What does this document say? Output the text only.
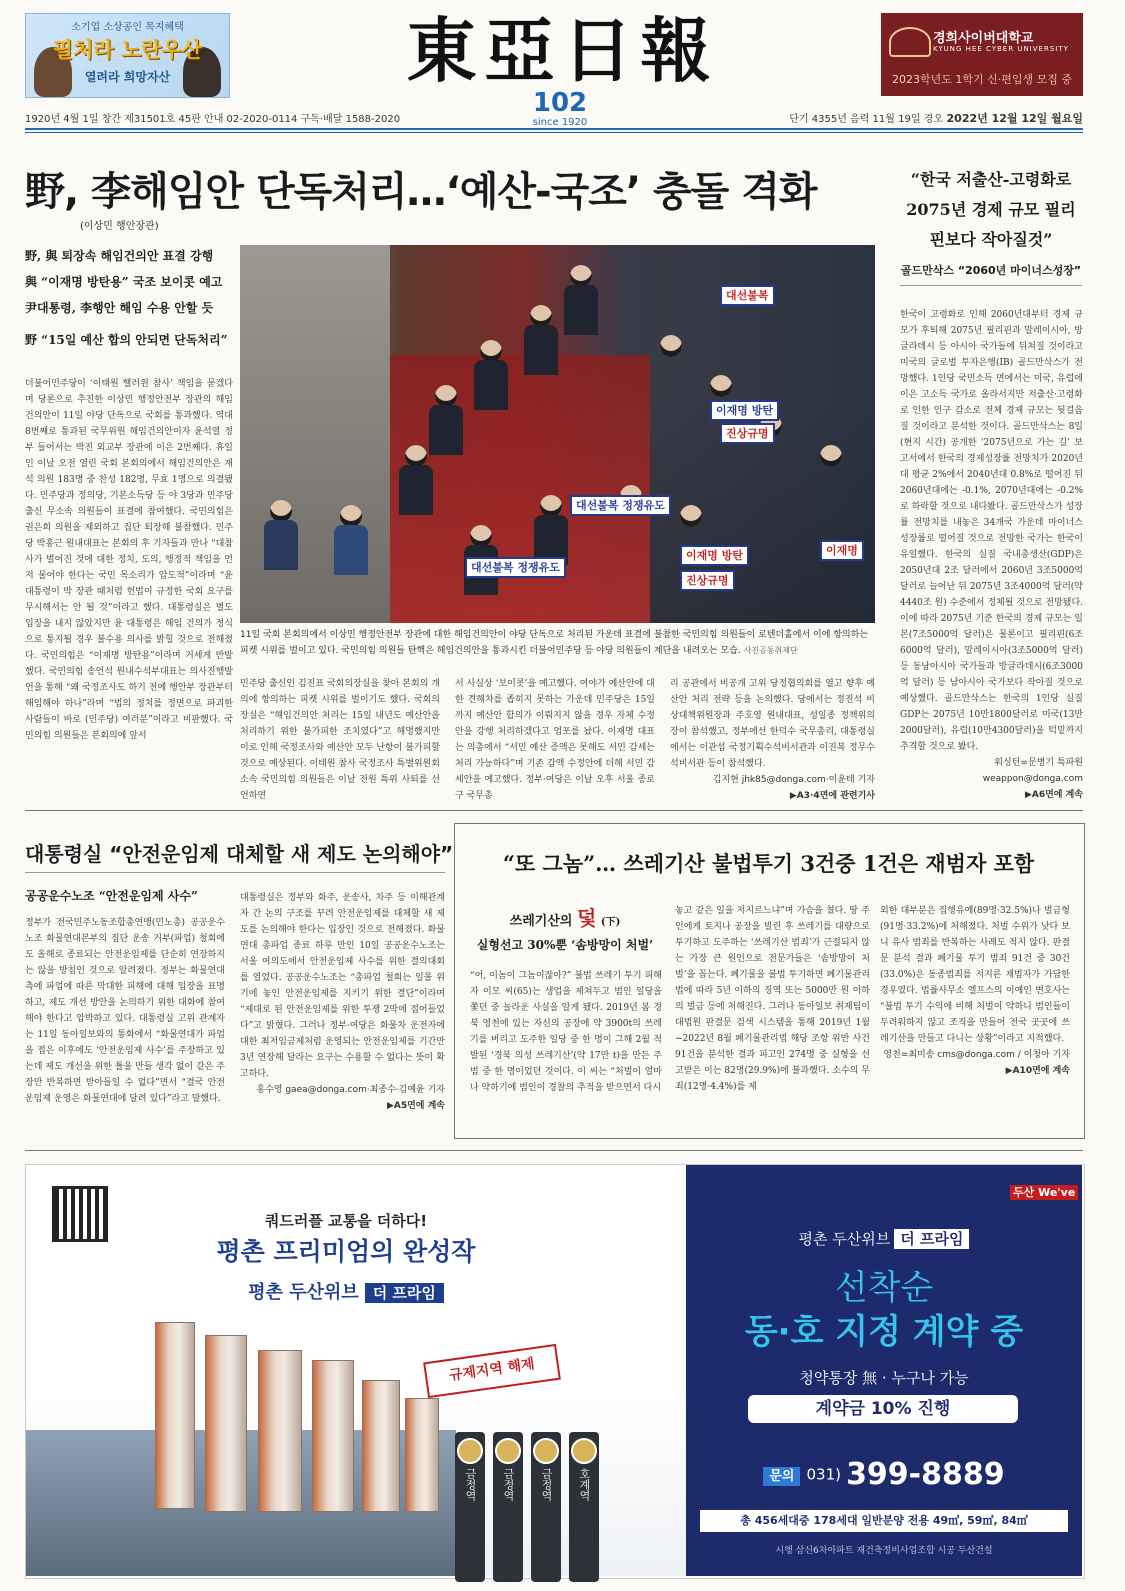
소기업 소상공인 목지혜택
필처라 노란우산
열려라 희망자산	東亞日報
102
since 1920
경희사이버대학교
KYUNG HEE CYBER UNIVERSITY
2023학년도 1학기 신·편입생 모집 중
1920년 4월 1일 창간 제31501호 45판 안내 02-2020-0114 구독·배달 1588-2020	단기 4355년 음력 11월 19일 경오 2022년 12월 12일 월요일
野, 李해임안 단독처리…‘예산-국조’ 충돌 격화
(이상민 행안장관)
野, 與 퇴장속 해임건의안 표결 강행
與 “이재명 방탄용” 국조 보이콧 예고
尹대통령, 李행안 해임 수용 안할 듯
野 “15일 예산 합의 안되면 단독처리”
대선불복
이재명 방탄
진상규명
대선불복 정쟁유도
이재명 방탄
진상규명
대선불복 정쟁유도
이재명
11일 국회 본회의에서 이상민 행정안전부 장관에 대한 해임건의안이 야당 단독으로 처리된 가운데 표결에 불참한 국민의힘 의원들이 로텐더홀에서 이에 항의하는 피켓 시위를 벌이고 있다. 국민의힘 의원들 탄핵은 해임건의안을 통과시킨 더불어민주당 등 야당 의원들이 계단을 내려오는 모습. 사진공동취재단
더불어민주당이 ‘이태원 핼러윈 참사’ 책임을 묻겠다며 당론으로 추진한 이상민 행정안전부 장관의 해임건의안이 11일 야당 단독으로 국회를 통과했다. 역대 8번째로 통과된 국무위원 해임건의안이자 윤석열 정부 들어서는 박진 외교부 장관에 이은 2번째다. 휴일인 이날 오전 열린 국회 본회의에서 해임건의안은 재석 의원 183명 중 찬성 182명, 무효 1명으로 의결됐다. 민주당과 정의당, 기본소득당 등 야 3당과 민주당 출신 무소속 의원들이 표결에 참여했다. 국민의힘은 권은희 의원을 제외하고 집단 퇴장해 불참했다. 민주당 박홍근 원내대표는 본회의 후 기자들과 만나 “대참사가 벌어진 것에 대한 정치, 도의, 행정적 책임을 먼저 물어야 한다는 국민 목소리가 압도적”이라며 “윤 대통령이 박 장관 때처럼 헌법이 규정한 국회 요구를 무시해서는 안 될 것”이라고 했다. 대통령실은 별도 입장을 내지 않았지만 윤 대통령은 해임 건의가 정식으로 통지될 경우 불수용 의사를 밝힐 것으로 전해졌다. 국민의힘은 “이재명 방탄용”이라며 거세게 반발했다. 국민의힘 송언석 원내수석부대표는 의사진행발언을 통해 “왜 국정조사도 하기 전에 행안부 장관부터 해임해야 하나”라며 “법의 정치를 정면으로 파괴한 사람들이 바로 (민주당) 여러분”이라고 비판했다. 국민의힘 의원들은 본회의에 앞서
민주당 출신인 김진표 국회의장실을 찾아 본회의 개의에 항의하는 피켓 시위를 벌이기도 했다. 국회의장실은 “해임건의안 처리는 15일 내년도 예산안을 처리하기 위한 불가피한 조치였다”고 해명했지만 이로 인해 국정조사와 예산안 모두 난항이 불가피할 것으로 예상된다. 이태원 참사 국정조사 특별위원회 소속 국민의힘 의원들은 이날 전원 특위 사퇴를 선언하면
서 사실상 ‘보이콧’을 예고했다. 여야가 예산안에 대한 견해차를 좁히지 못하는 가운데 민주당은 15일까지 예산안 합의가 이뤄지지 않을 경우 자체 수정안을 강행 처리하겠다고 엄포를 놨다. 이재명 대표는 의총에서 “서민 예산 증액은 못해도 서민 감세는 처리 가능하다”며 기존 감액 수정안에 더해 서민 감세안을 예고했다. 정부·여당은 이날 오후 서울 종로구 국무총
리 공관에서 비공개 고위 당정협의회를 열고 향후 예산안 처리 전략 등을 논의했다. 당에서는 정진석 비상대책위원장과 주호영 원내대표, 성일종 정책위의장이 참석했고, 정부에선 한덕수 국무총리, 대통령실에서는 이관섭 국정기획수석비서관과 이진복 정무수석비서관 등이 참석했다.
김지현 jhk85@donga.com·이윤태 기자
▶A3·4면에 관련기사
“한국 저출산-고령화로 2075년 경제 규모 필리핀보다 작아질것”
골드만삭스 “2060년 마이너스성장”
한국이 고령화로 인해 2060년대부터 경제 규모가 후퇴해 2075년 필리핀과 말레이시아, 방글라데시 등 아시아 국가들에 뒤쳐질 것이라고 미국의 글로벌 투자은행(IB) 골드만삭스가 전망했다. 1인당 국민소득 면에서는 미국, 유럽에 이은 고소득 국가로 올라서지만 저출산·고령화로 인한 인구 감소로 전체 경제 규모는 뒷걸음질 것이라고 분석한 것이다. 골드만삭스는 8일(현지 시간) 공개한 ‘2075년으로 가는 길’ 보고서에서 한국의 경제성장률 전망치가 2020년대 평균 2%에서 2040년대 0.8%로 떨어진 뒤 2060년대에는 -0.1%, 2070년대에는 -0.2%로 하락할 것으로 내다봤다. 골드만삭스가 성장률 전망치를 내놓은 34개국 가운데 마이너스 성장률로 떨어질 것으로 전망한 국가는 한국이 유일했다. 한국의 실질 국내총생산(GDP)은 2050년대 2조 달러에서 2060년 3조5000억 달러로 늘어난 뒤 2075년 3조4000억 달러(약 4440조 원) 수준에서 정체될 것으로 전망됐다. 이에 따라 2075년 기준 한국의 경제 규모는 일본(7조5000억 달러)은 물론이고 필리핀(6조6000억 달러), 말레이시아(3조5000억 달러) 등 동남아시아 국가들과 방글라데시(6조3000억 달러) 등 남아시아 국가보다 작아질 것으로 예상했다. 골드만삭스는 한국의 1인당 실질 GDP는 2075년 10만1800달러로 미국(13만2000달러), 유럽(10만4300달러)을 턱밑까지 추격할 것으로 봤다.
워싱턴=문병기 특파원 weappon@donga.com
▶A6면에 계속
대통령실 “안전운임제 대체할 새 제도 논의해야”
공공운수노조 “안전운임제 사수”
정부가 전국민주노동조합총연맹(민노총) 공공운수노조 화물연대본부의 집단 운송 거부(파업) 철회에도 올해로 종료되는 안전운임제를 단순히 연장하지는 않을 방침인 것으로 알려졌다. 정부는 화물연대 측에 파업에 따른 막대한 피해에 대해 입장을 표명하고, 제도 개선 방안을 논의하기 위한 대화에 참여해야 한다고 압박하고 있다. 대통령실 고위 관계자는 11일 동아일보와의 통화에서 “화물연대가 파업을 접은 이후에도 ‘안전운임제 사수’를 주장하고 있는데 제도 개선을 위한 틀을 만들 생각 없이 같은 주장만 반복하면 받아들일 수 없다”면서 “결국 안전운임제 운영은 화물연대에 달려 있다”라고 말했다.
대통령실은 정부와 화주, 운송사, 차주 등 이해관계자 간 논의 구조를 꾸려 안전운임제를 대체할 새 제도를 논의해야 한다는 입장인 것으로 전해졌다. 화물연대 총파업 종료 하루 만인 10일 공공운수노조는 서울 여의도에서 안전운임제 사수를 위한 결의대회를 열었다. 공공운수노조는 “총파업 철회는 일몰 위기에 놓인 안전운임제를 지키기 위한 결단”이라며 “제대로 된 안전운임제를 위한 투쟁 2막에 접어들었다”고 밝혔다. 그러나 정부·여당은 화물차 운전자에 대한 최저임금제처럼 운영되는 안전운임제를 기간만 3년 연장해 달라는 요구는 수용할 수 없다는 뜻이 확고하다.
홍수영 gaea@donga.com·최종수·김예윤 기자
▶A5면에 계속
“또 그놈”… 쓰레기산 불법투기 3건중 1건은 재범자 포함
쓰레기산의 덫 (下)
실형선고 30%뿐 ‘솜방망이 처벌’
“어, 이놈이 그놈이잖아?” 불법 쓰레기 투기 피해자 이모 씨(65)는 생업을 제쳐두고 범인 일당을 쫓던 중 놀라운 사실을 알게 됐다. 2019년 봄 경북 영천에 있는 자신의 공장에 약 3900t의 쓰레기를 버리고 도주한 일당 중 한 명이 그해 2월 적발된 ‘경북 의성 쓰레기산’(약 17만 t)을 만든 주범 중 한 명이었던 것이다. 이 씨는 “처벌이 얼마나 약하기에 범인이 경찰의 추적을 받으면서 다시
놓고 같은 일을 저지르느냐”며 가슴을 쳤다. 땅 주인에게 토지나 공장을 빌린 후 쓰레기를 대량으로 투기하고 도주하는 ‘쓰레기산 범죄’가 근절되지 않는 가장 큰 원인으로 전문가들은 ‘솜방망이 처벌’을 꼽는다. 폐기물을 불법 투기하면 폐기물관리법에 따라 5년 이하의 징역 또는 5000만 원 이하의 벌금 등에 처해진다. 그러나 동아일보 취재팀이 대법원 판결문 검색 시스템을 통해 2019년 1월~2022년 8월 폐기물관리법 해당 조항 위반 사건 91건을 분석한 결과 피고인 274명 중 실형을 선고받은 이는 82명(29.9%)에 불과했다. 소수의 무죄(12명·4.4%)를 제
외한 대부분은 집행유예(89명·32.5%)나 벌금형(91명·33.2%)에 처해졌다. 처벌 수위가 낮다 보니 유사 범죄를 반복하는 사례도 적지 않다. 판결문 분석 결과 폐기물 투기 범죄 91건 중 30건(33.0%)은 동종범죄를 저지른 재범자가 가담한 경우였다. 법률사무소 엘프스의 이예인 변호사는 “불법 투기 수익에 비해 처벌이 약하니 범인들이 두려워하지 않고 조직을 만들어 전국 곳곳에 쓰레기산을 만들고 다니는 상황”이라고 지적했다.
영천=최미송 cms@donga.com / 이청아 기자
▶A10면에 계속
쿼드러플 교통을 더하다!
평촌 프리미엄의 완성작
평촌 두산위브 더 프라임
규제지역 해제
금정역 금정역 금정역 호계역
두산 We've
평촌 두산위브 더 프라임
선착순
동·호 지정 계약 중
청약통장 無 · 누구나 가능
계약금 10% 진행
문의 031) 399-8889
총 456세대중 178세대 일반분양 전용 49㎡, 59㎡, 84㎡
시행 삼신6차아파트 재건축정비사업조합 시공 두산건설
